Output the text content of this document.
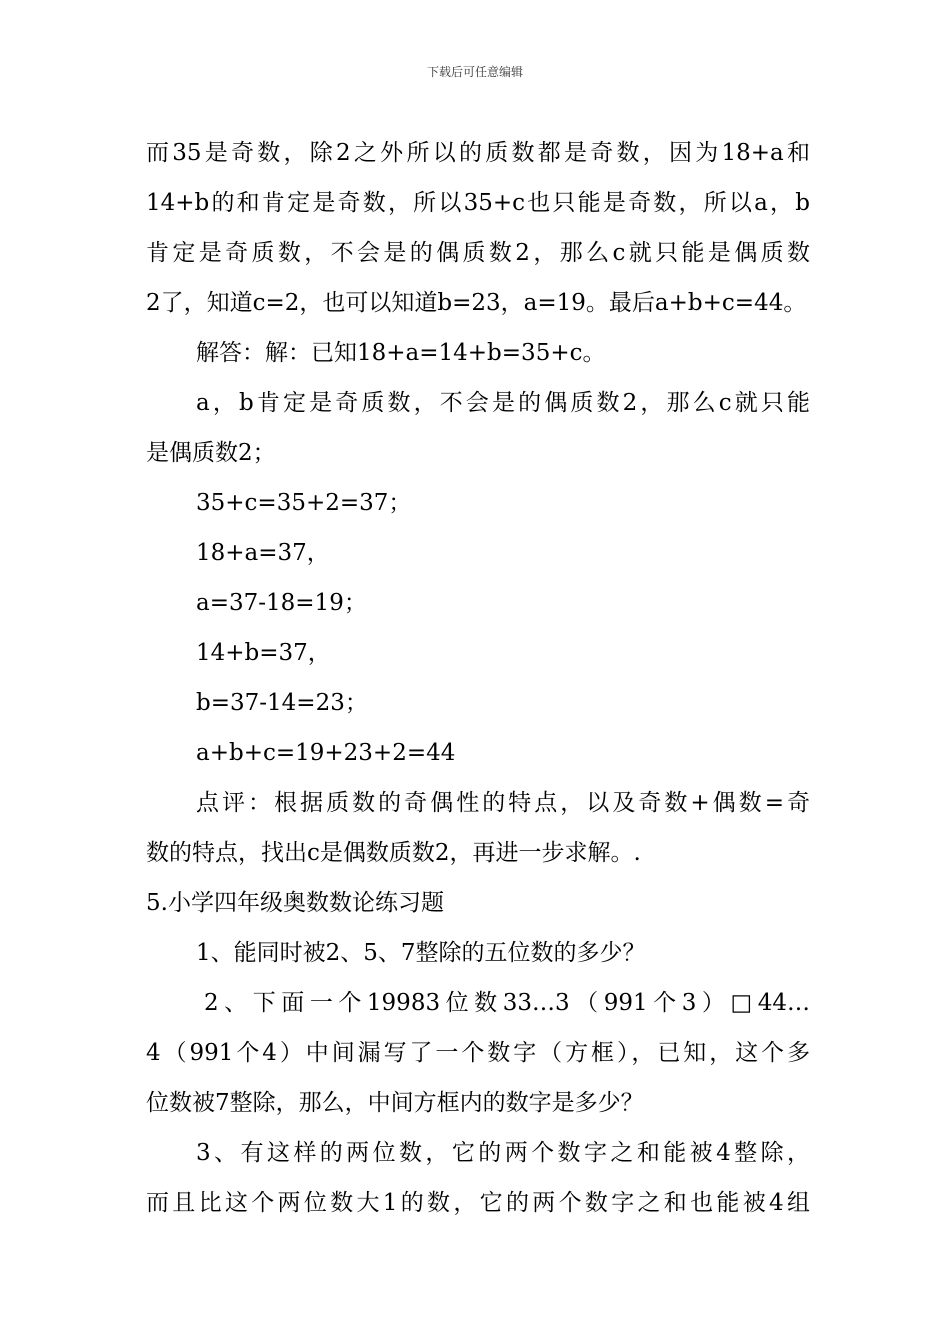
下载后可任意编辑
而35是奇数，除2之外所以的质数都是奇数，因为18+a和
14+b的和肯定是奇数，所以35+c也只能是奇数，所以a，b
肯定是奇质数，不会是的偶质数2，那么c就只能是偶质数
2了，知道c=2，也可以知道b=23，a=19。最后a+b+c=44。
解答：解：已知18+a=14+b=35+c。
a，b肯定是奇质数，不会是的偶质数2，那么c就只能
是偶质数2；
35+c=35+2=37；
18+a=37，
a=37-18=19；
14+b=37，
b=37-14=23；
a+b+c=19+23+2=44
点评：根据质数的奇偶性的特点，以及奇数+偶数=奇
数的特点，找出c是偶数质数2，再进一步求解。.
5.小学四年级奥数数论练习题
1、能同时被2、5、7整除的五位数的多少？
2、下面一个19983位数33…3（991个3）□44…
4（991个4）中间漏写了一个数字（方框），已知，这个多
位数被7整除，那么，中间方框内的数字是多少？
3、有这样的两位数，它的两个数字之和能被4整除，
而且比这个两位数大1的数，它的两个数字之和也能被4组
